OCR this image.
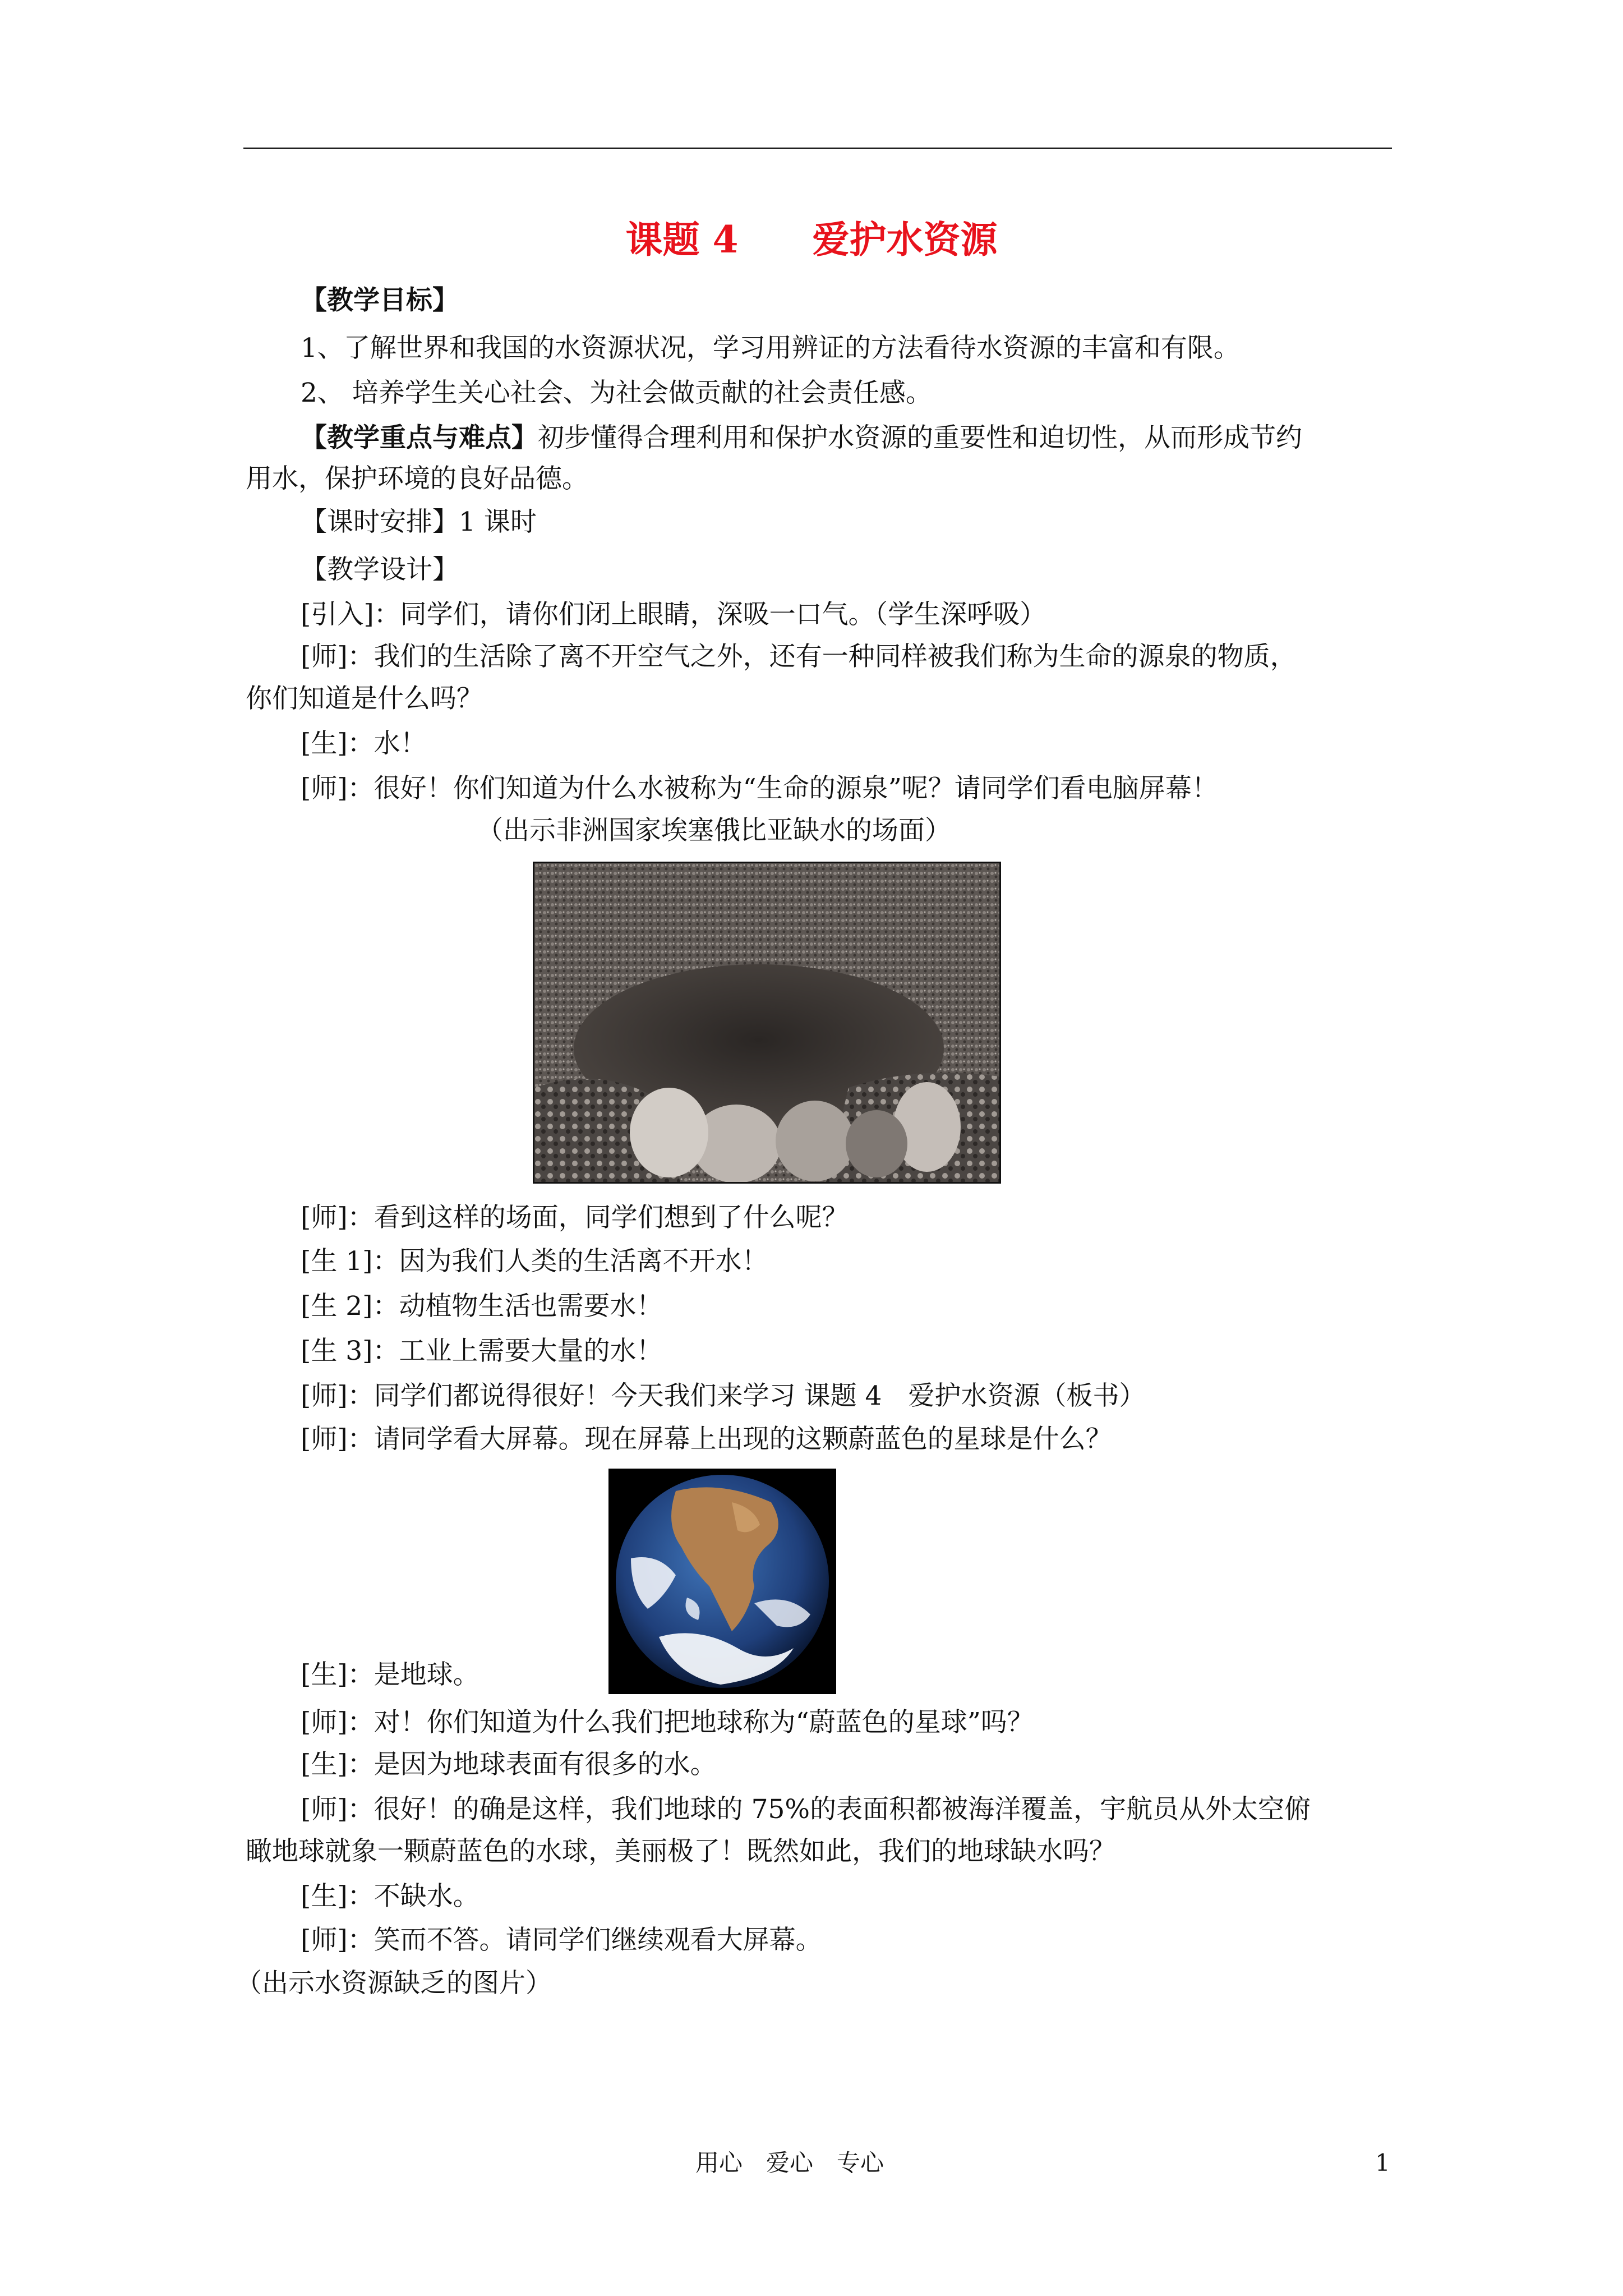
课题 4　　爱护水资源
【教学目标】
1、了解世界和我国的水资源状况，学习用辨证的方法看待水资源的丰富和有限。
2、 培养学生关心社会、为社会做贡献的社会责任感。
【教学重点与难点】初步懂得合理利用和保护水资源的重要性和迫切性，从而形成节约
用水，保护环境的良好品德。
【课时安排】1 课时
【教学设计】
[引入]：同学们，请你们闭上眼睛，深吸一口气。（学生深呼吸）
[师]：我们的生活除了离不开空气之外，还有一种同样被我们称为生命的源泉的物质，
你们知道是什么吗？
[生]：水！
[师]：很好！你们知道为什么水被称为“生命的源泉”呢？请同学们看电脑屏幕！
（出示非洲国家埃塞俄比亚缺水的场面）
[师]：看到这样的场面，同学们想到了什么呢？
[生 1]：因为我们人类的生活离不开水！
[生 2]：动植物生活也需要水！
[生 3]：工业上需要大量的水！
[师]：同学们都说得很好！今天我们来学习 课题 4　爱护水资源（板书）
[师]：请同学看大屏幕。现在屏幕上出现的这颗蔚蓝色的星球是什么？
[生]：是地球。
[师]：对！你们知道为什么我们把地球称为“蔚蓝色的星球”吗？
[生]：是因为地球表面有很多的水。
[师]：很好！的确是这样，我们地球的 75%的表面积都被海洋覆盖，宇航员从外太空俯
瞰地球就象一颗蔚蓝色的水球，美丽极了！既然如此，我们的地球缺水吗？
[生]：不缺水。
[师]：笑而不答。请同学们继续观看大屏幕。
（出示水资源缺乏的图片）
用心　爱心　专心	1
